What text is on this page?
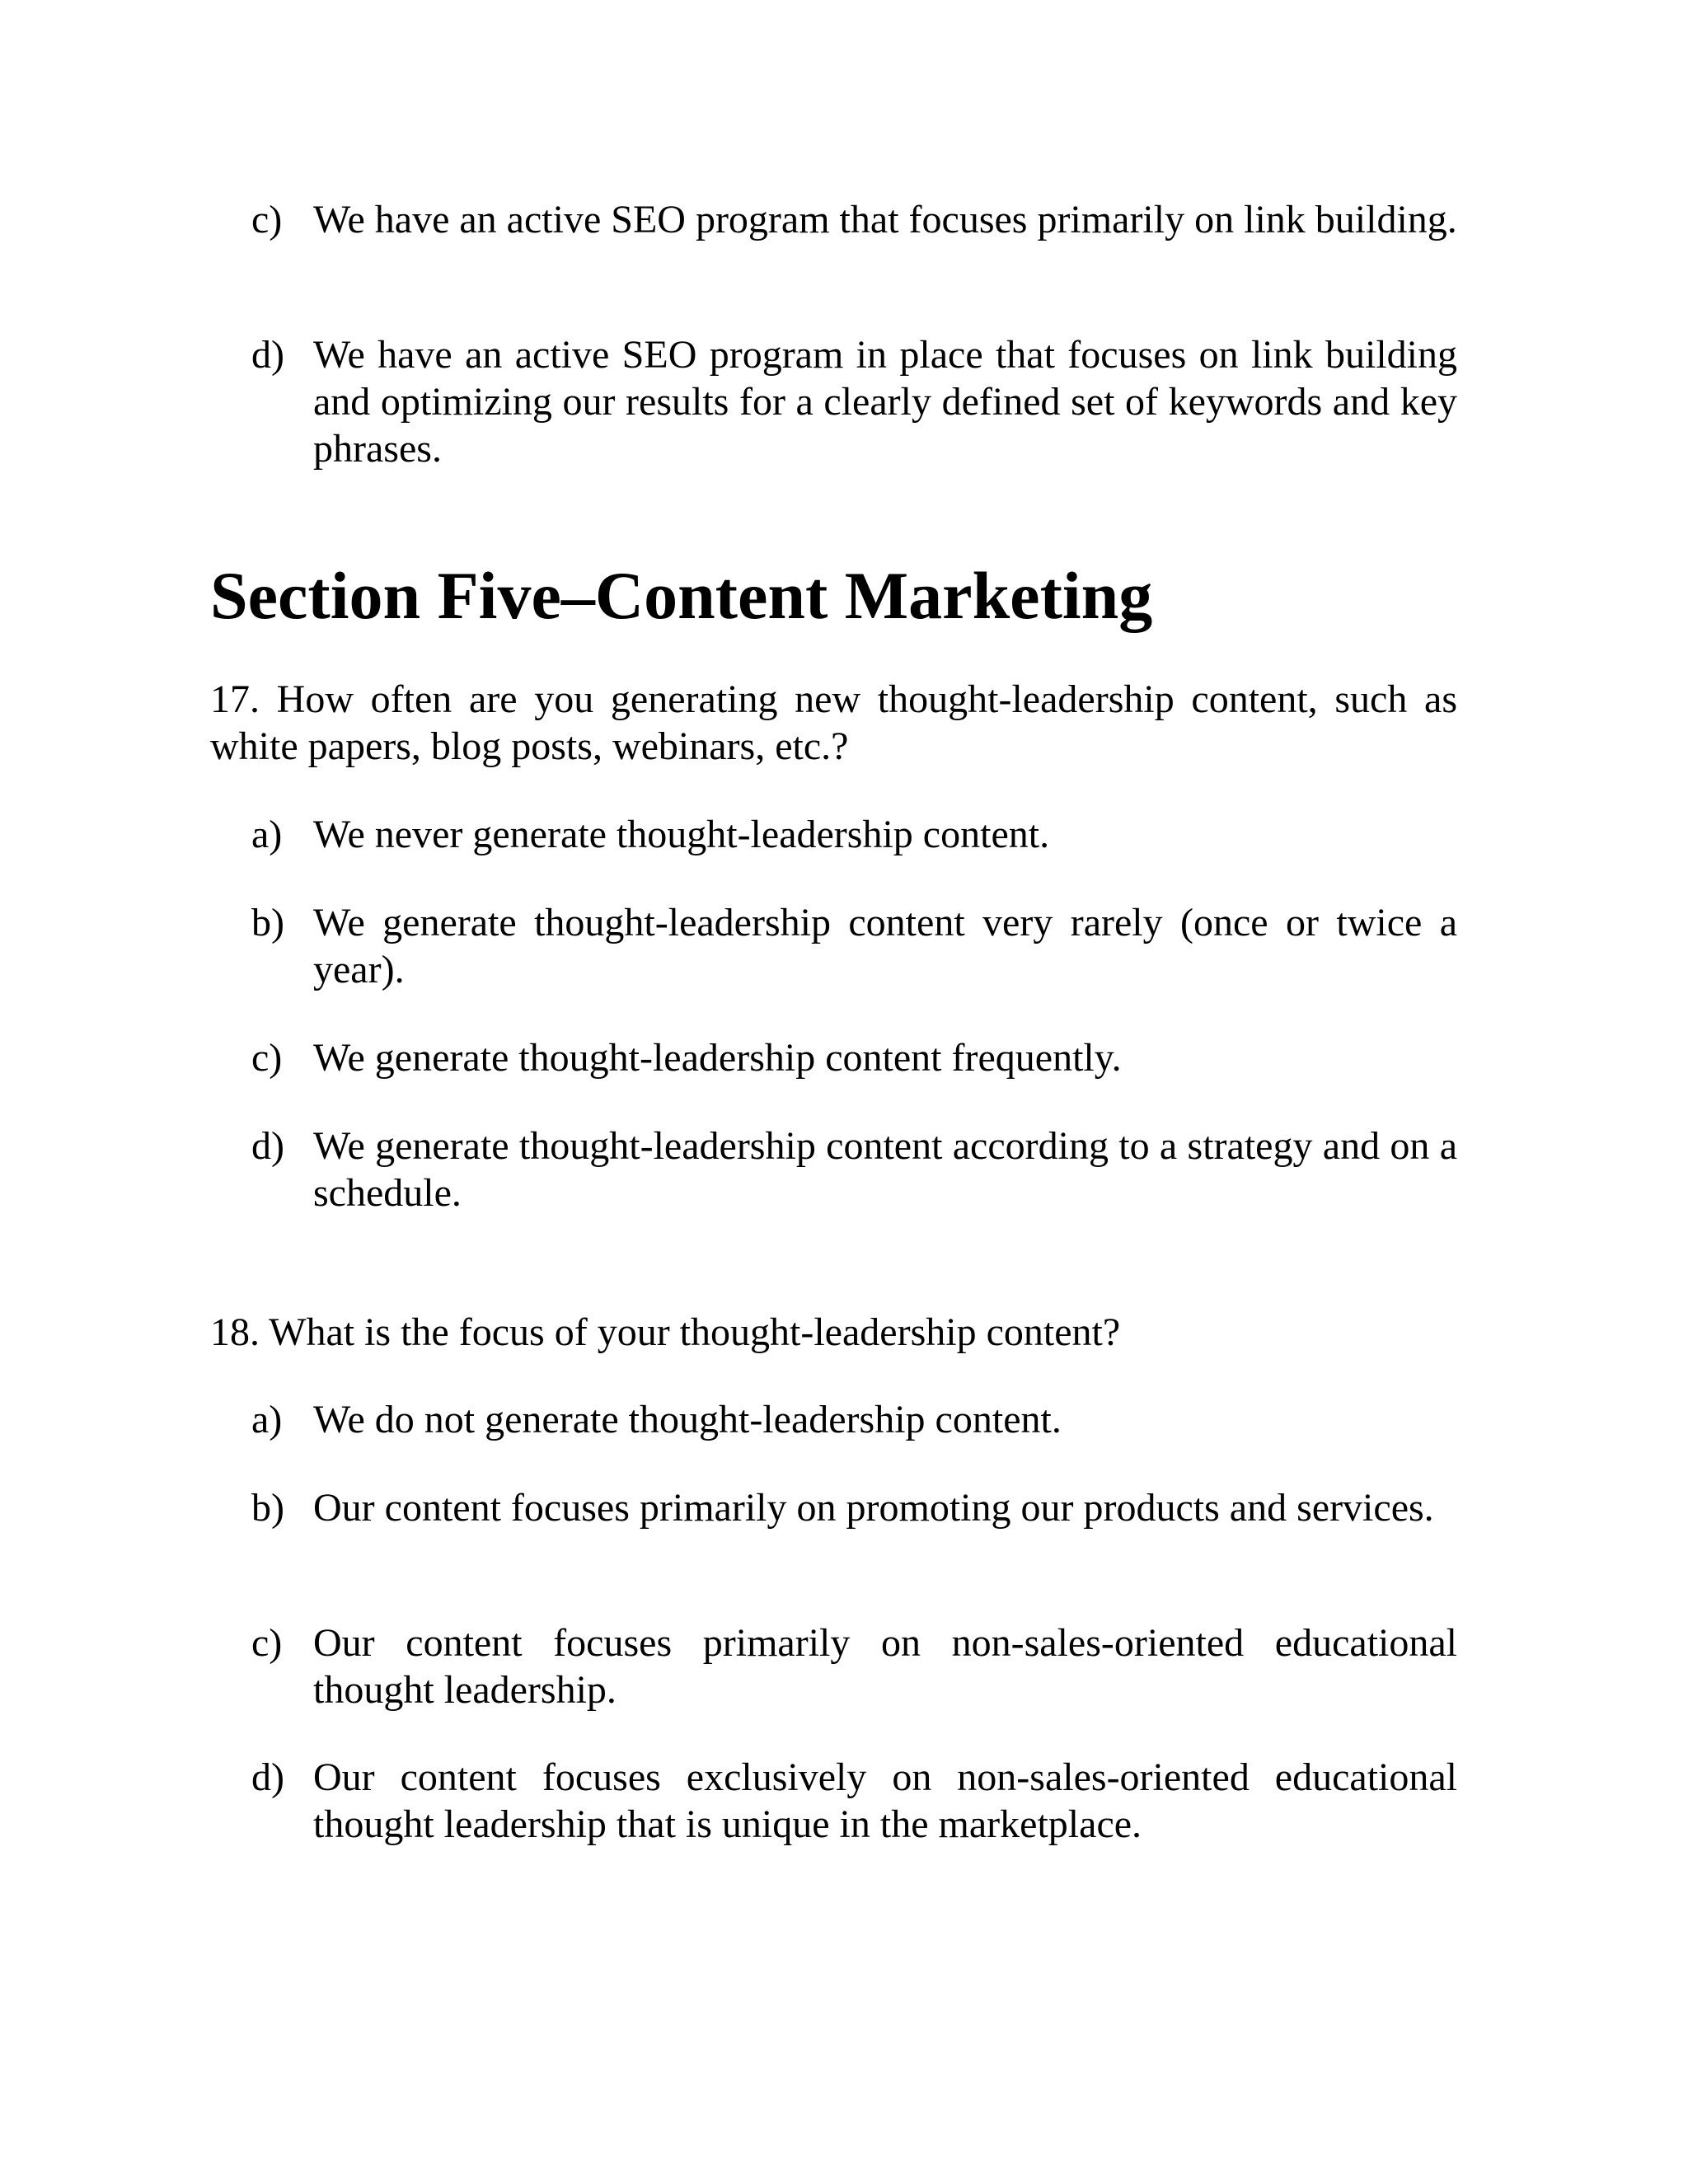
c) We have an active SEO program that focuses primarily on link building.
d) We have an active SEO program in place that focuses on link building and optimizing our results for a clearly defined set of keywords and key phrases.
Section Five–Content Marketing
17. How often are you generating new thought-leadership content, such as white papers, blog posts, webinars, etc.?
a) We never generate thought-leadership content.
b) We generate thought-leadership content very rarely (once or twice a year).
c) We generate thought-leadership content frequently.
d) We generate thought-leadership content according to a strategy and on a schedule.
18. What is the focus of your thought-leadership content?
a) We do not generate thought-leadership content.
b) Our content focuses primarily on promoting our products and services.
c) Our content focuses primarily on non-sales-oriented educational thought leadership.
d) Our content focuses exclusively on non-sales-oriented educational thought leadership that is unique in the marketplace.
